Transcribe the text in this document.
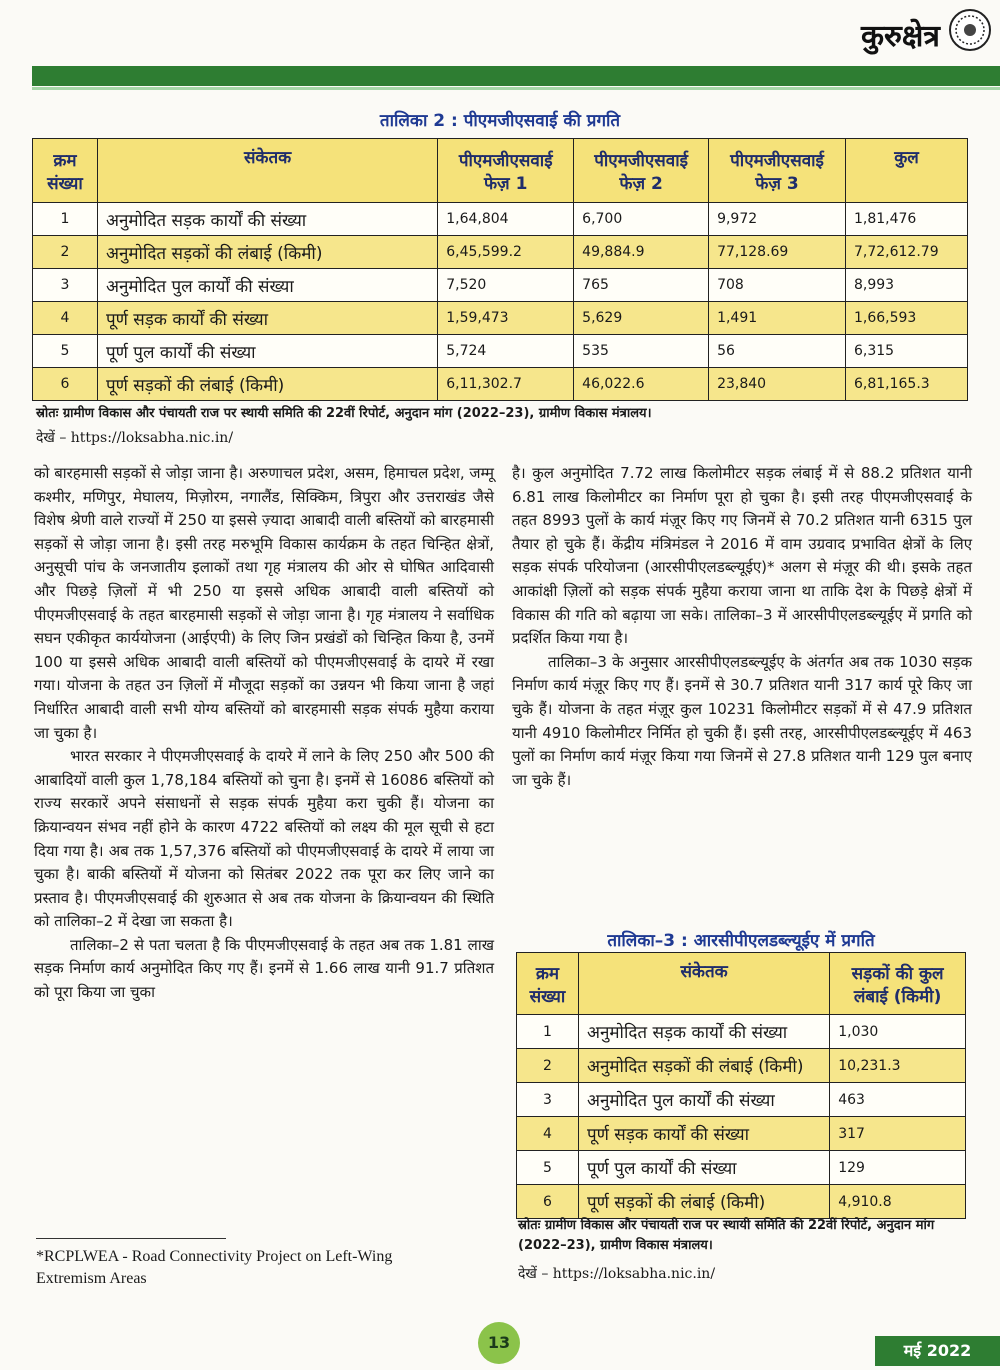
कुरुक्षेत्र
तालिका 2 : पीएमजीएसवाई की प्रगति
क्रम संख्या	संकेतक	पीएमजीएसवाई फेज़ 1	पीएमजीएसवाई फेज़ 2	पीएमजीएसवाई फेज़ 3	कुल
1	अनुमोदित सड़क कार्यों की संख्या	1,64,804	6,700	9,972	1,81,476
2	अनुमोदित सड़कों की लंबाई (किमी)	6,45,599.2	49,884.9	77,128.69	7,72,612.79
3	अनुमोदित पुल कार्यों की संख्या	7,520	765	708	8,993
4	पूर्ण सड़क कार्यों की संख्या	1,59,473	5,629	1,491	1,66,593
5	पूर्ण पुल कार्यों की संख्या	5,724	535	56	6,315
6	पूर्ण सड़कों की लंबाई (किमी)	6,11,302.7	46,022.6	23,840	6,81,165.3
स्रोतः ग्रामीण विकास और पंचायती राज पर स्थायी समिति की 22वीं रिपोर्ट, अनुदान मांग (2022–23), ग्रामीण विकास मंत्रालय।
देखें – https://loksabha.nic.in/

को बारहमासी सड़कों से जोड़ा जाना है। अरुणाचल प्रदेश, असम, हिमाचल प्रदेश, जम्मू कश्मीर, मणिपुर, मेघालय, मिज़ोरम, नगालैंड, सिक्किम, त्रिपुरा और उत्तराखंड जैसे विशेष श्रेणी वाले राज्यों में 250 या इससे ज़्यादा आबादी वाली बस्तियों को बारहमासी सड़कों से जोड़ा जाना है। इसी तरह मरुभूमि विकास कार्यक्रम के तहत चिन्हित क्षेत्रों, अनुसूची पांच के जनजातीय इलाकों तथा गृह मंत्रालय की ओर से घोषित आदिवासी और पिछड़े ज़िलों में भी 250 या इससे अधिक आबादी वाली बस्तियों को पीएमजीएसवाई के तहत बारहमासी सड़कों से जोड़ा जाना है। गृह मंत्रालय ने सर्वाधिक सघन एकीकृत कार्ययोजना (आईएपी) के लिए जिन प्रखंडों को चिन्हित किया है, उनमें 100 या इससे अधिक आबादी वाली बस्तियों को पीएमजीएसवाई के दायरे में रखा गया। योजना के तहत उन ज़िलों में मौजूदा सड़कों का उन्नयन भी किया जाना है जहां निर्धारित आबादी वाली सभी योग्य बस्तियों को बारहमासी सड़क संपर्क मुहैया कराया जा चुका है।

भारत सरकार ने पीएमजीएसवाई के दायरे में लाने के लिए 250 और 500 की आबादियों वाली कुल 1,78,184 बस्तियों को चुना है। इनमें से 16086 बस्तियों को राज्य सरकारें अपने संसाधनों से सड़क संपर्क मुहैया करा चुकी हैं। योजना का क्रियान्वयन संभव नहीं होने के कारण 4722 बस्तियों को लक्ष्य की मूल सूची से हटा दिया गया है। अब तक 1,57,376 बस्तियों को पीएमजीएसवाई के दायरे में लाया जा चुका है। बाकी बस्तियों में योजना को सितंबर 2022 तक पूरा कर लिए जाने का प्रस्ताव है। पीएमजीएसवाई की शुरुआत से अब तक योजना के क्रियान्वयन की स्थिति को तालिका–2 में देखा जा सकता है।

तालिका–2 से पता चलता है कि पीएमजीएसवाई के तहत अब तक 1.81 लाख सड़क निर्माण कार्य अनुमोदित किए गए हैं। इनमें से 1.66 लाख यानी 91.7 प्रतिशत को पूरा किया जा चुका

है। कुल अनुमोदित 7.72 लाख किलोमीटर सड़क लंबाई में से 88.2 प्रतिशत यानी 6.81 लाख किलोमीटर का निर्माण पूरा हो चुका है। इसी तरह पीएमजीएसवाई के तहत 8993 पुलों के कार्य मंज़ूर किए गए जिनमें से 70.2 प्रतिशत यानी 6315 पुल तैयार हो चुके हैं। केंद्रीय मंत्रिमंडल ने 2016 में वाम उग्रवाद प्रभावित क्षेत्रों के लिए सड़क संपर्क परियोजना (आरसीपीएलडब्ल्यूईए)* अलग से मंज़ूर की थी। इसके तहत आकांक्षी ज़िलों को सड़क संपर्क मुहैया कराया जाना था ताकि देश के पिछड़े क्षेत्रों में विकास की गति को बढ़ाया जा सके। तालिका–3 में आरसीपीएलडब्ल्यूईए में प्रगति को प्रदर्शित किया गया है।

तालिका–3 के अनुसार आरसीपीएलडब्ल्यूईए के अंतर्गत अब तक 1030 सड़क निर्माण कार्य मंज़ूर किए गए हैं। इनमें से 30.7 प्रतिशत यानी 317 कार्य पूरे किए जा चुके हैं। योजना के तहत मंज़ूर कुल 10231 किलोमीटर सड़कों में से 47.9 प्रतिशत यानी 4910 किलोमीटर निर्मित हो चुकी हैं। इसी तरह, आरसीपीएलडब्ल्यूईए में 463 पुलों का निर्माण कार्य मंज़ूर किया गया जिनमें से 27.8 प्रतिशत यानी 129 पुल बनाए जा चुके हैं।

तालिका–3 : आरसीपीएलडब्ल्यूईए में प्रगति
क्रम संख्या	संकेतक	सड़कों की कुल लंबाई (किमी)
1	अनुमोदित सड़क कार्यों की संख्या	1,030
2	अनुमोदित सड़कों की लंबाई (किमी)	10,231.3
3	अनुमोदित पुल कार्यों की संख्या	463
4	पूर्ण सड़क कार्यों की संख्या	317
5	पूर्ण पुल कार्यों की संख्या	129
6	पूर्ण सड़कों की लंबाई (किमी)	4,910.8
स्रोतः ग्रामीण विकास और पंचायती राज पर स्थायी समिति की 22वीं रिपोर्ट, अनुदान मांग (2022–23), ग्रामीण विकास मंत्रालय।
देखें – https://loksabha.nic.in/
*RCPLWEA - Road Connectivity Project on Left-Wing Extremism Areas
13	मई 2022
